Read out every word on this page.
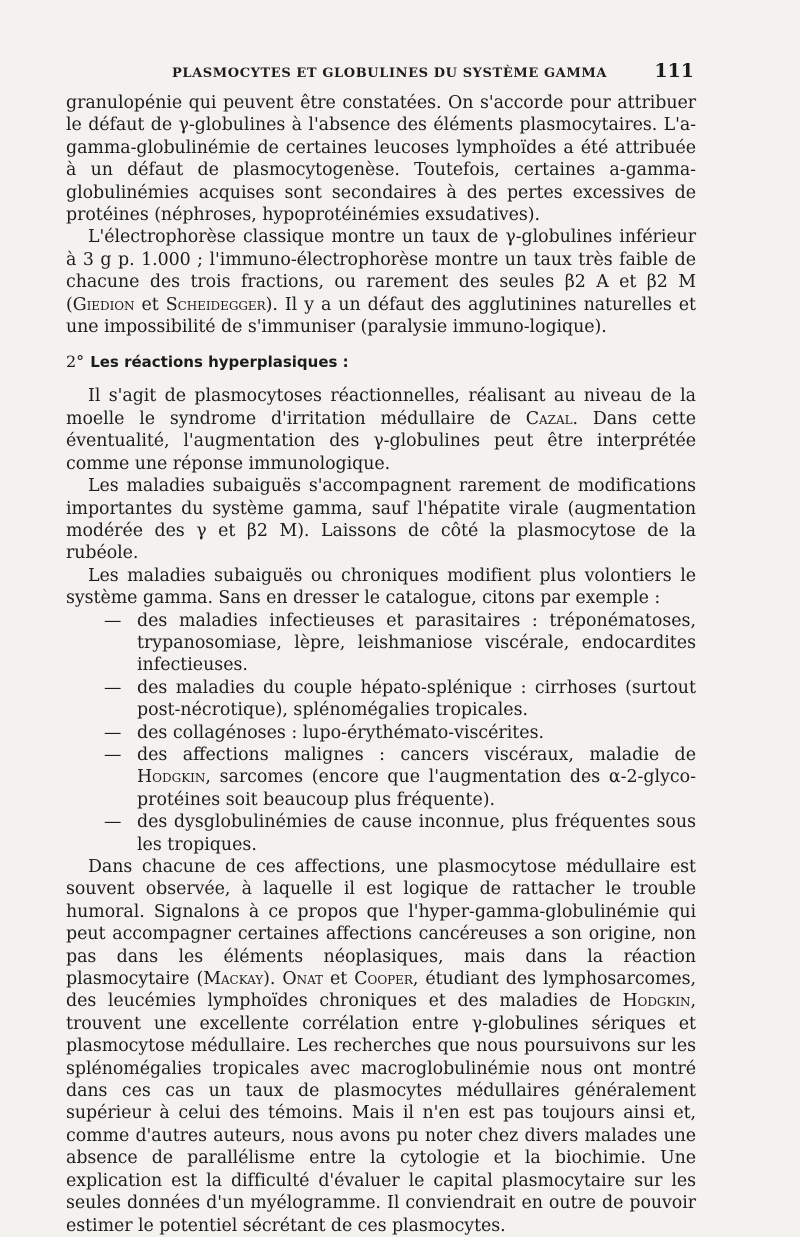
PLASMOCYTES ET GLOBULINES DU SYSTÈME GAMMA 111

granulopénie qui peuvent être constatées. On s'accorde pour attribuer le défaut de γ-globulines à l'absence des éléments plasmocytaires. L'a-gamma-globulinémie de certaines leucoses lymphoïdes a été attribuée à un défaut de plasmocytogenèse. Toutefois, certaines a-gamma-globulinémies acquises sont secondaires à des pertes excessives de protéines (néphroses, hypoprotéinémies exsudatives).

L'électrophorèse classique montre un taux de γ-globulines inférieur à 3 g p. 1.000 ; l'immuno-électrophorèse montre un taux très faible de chacune des trois fractions, ou rarement des seules β2 A et β2 M (Giedion et Scheidegger). Il y a un défaut des agglutinines naturelles et une impossibilité de s'immuniser (paralysie immuno-logique).

2° Les réactions hyperplasiques :

Il s'agit de plasmocytoses réactionnelles, réalisant au niveau de la moelle le syndrome d'irritation médullaire de Cazal. Dans cette éventualité, l'augmentation des γ-globulines peut être interprétée comme une réponse immunologique.

Les maladies subaiguës s'accompagnent rarement de modifications importantes du système gamma, sauf l'hépatite virale (augmentation modérée des γ et β2 M). Laissons de côté la plasmocytose de la rubéole.

Les maladies subaiguës ou chroniques modifient plus volontiers le système gamma. Sans en dresser le catalogue, citons par exemple :

— des maladies infectieuses et parasitaires : tréponématoses, trypanosomiase, lèpre, leishmaniose viscérale, endocardites infectieuses.
— des maladies du couple hépato-splénique : cirrhoses (surtout post-nécrotique), splénomégalies tropicales.
— des collagénoses : lupo-érythémato-viscérites.
— des affections malignes : cancers viscéraux, maladie de Hodgkin, sarcomes (encore que l'augmentation des α-2-glyco-protéines soit beaucoup plus fréquente).
— des dysglobulinémies de cause inconnue, plus fréquentes sous les tropiques.

Dans chacune de ces affections, une plasmocytose médullaire est souvent observée, à laquelle il est logique de rattacher le trouble humoral. Signalons à ce propos que l'hyper-gamma-globulinémie qui peut accompagner certaines affections cancéreuses a son origine, non pas dans les éléments néoplasiques, mais dans la réaction plasmocytaire (Mackay). Onat et Cooper, étudiant des lymphosarcomes, des leucémies lymphoïdes chroniques et des maladies de Hodgkin, trouvent une excellente corrélation entre γ-globulines sériques et plasmocytose médullaire. Les recherches que nous poursuivons sur les splénomégalies tropicales avec macroglobulinémie nous ont montré dans ces cas un taux de plasmocytes médullaires généralement supérieur à celui des témoins. Mais il n'en est pas toujours ainsi et, comme d'autres auteurs, nous avons pu noter chez divers malades une absence de parallélisme entre la cytologie et la biochimie. Une explication est la difficulté d'évaluer le capital plasmocytaire sur les seules données d'un myélogramme. Il conviendrait en outre de pouvoir estimer le potentiel sécrétant de ces plasmocytes.
